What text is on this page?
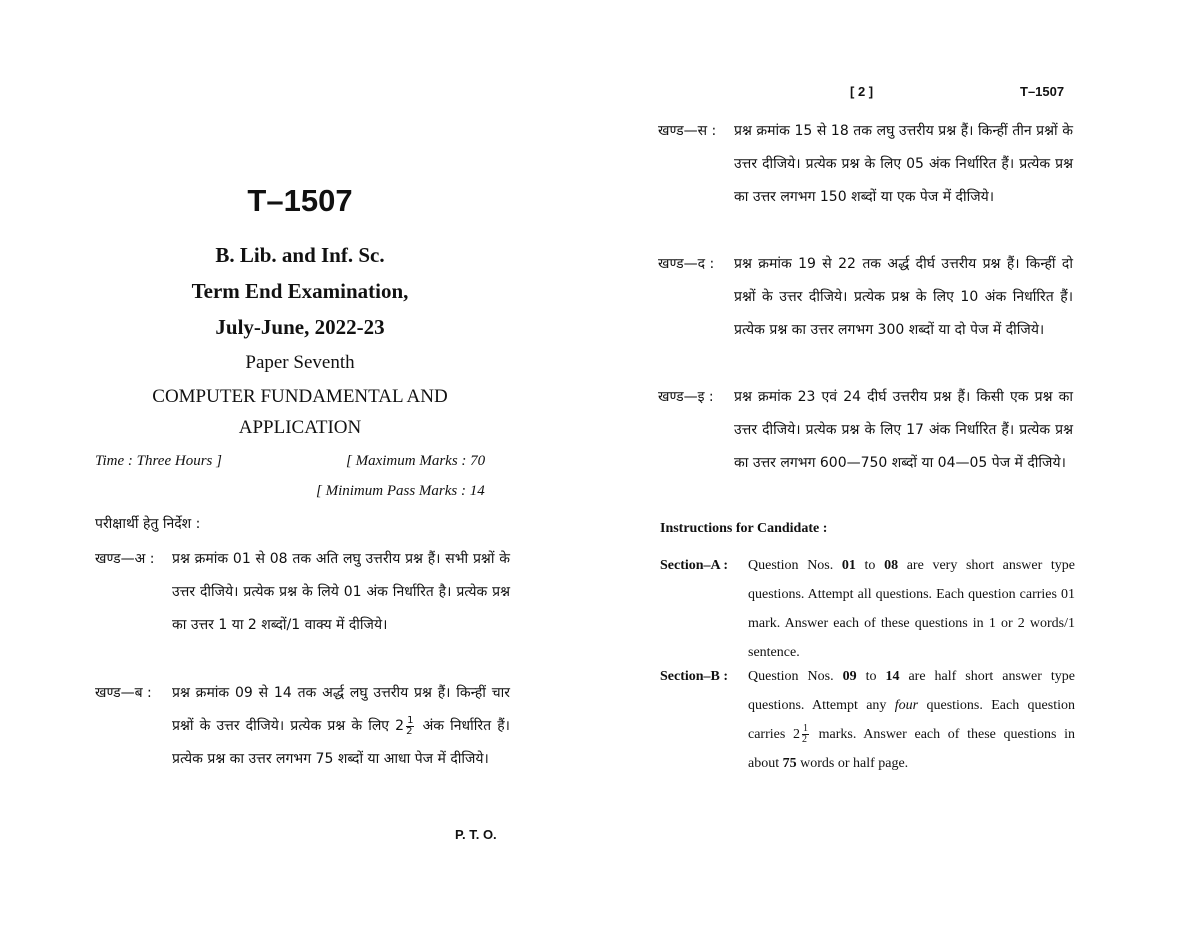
T–1507
B. Lib. and Inf. Sc.
Term End Examination,
July-June, 2022-23
Paper Seventh
COMPUTER FUNDAMENTAL AND
APPLICATION
Time : Three Hours ]	[ Maximum Marks : 70
[ Minimum Pass Marks : 14
परीक्षार्थी हेतु निर्देश :
खण्ड—अ : प्रश्न क्रमांक 01 से 08 तक अति लघु उत्तरीय प्रश्न हैं। सभी प्रश्नों के उत्तर दीजिये। प्रत्येक प्रश्न के लिये 01 अंक निर्धारित है। प्रत्येक प्रश्न का उत्तर 1 या 2 शब्दों/1 वाक्य में दीजिये।
खण्ड—ब : प्रश्न क्रमांक 09 से 14 तक अर्द्ध लघु उत्तरीय प्रश्न हैं। किन्हीं चार प्रश्नों के उत्तर दीजिये। प्रत्येक प्रश्न के लिए $2 \frac{1}{2}$ अंक निर्धारित हैं। प्रत्येक प्रश्न का उत्तर लगभग 75 शब्दों या आधा पेज में दीजिये।
P. T. O.
[ 2 ]	T–1507
खण्ड—स : प्रश्न क्रमांक 15 से 18 तक लघु उत्तरीय प्रश्न हैं। किन्हीं तीन प्रश्नों के उत्तर दीजिये। प्रत्येक प्रश्न के लिए 05 अंक निर्धारित हैं। प्रत्येक प्रश्न का उत्तर लगभग 150 शब्दों या एक पेज में दीजिये।
खण्ड—द : प्रश्न क्रमांक 19 से 22 तक अर्द्ध दीर्घ उत्तरीय प्रश्न हैं। किन्हीं दो प्रश्नों के उत्तर दीजिये। प्रत्येक प्रश्न के लिए 10 अंक निर्धारित हैं। प्रत्येक प्रश्न का उत्तर लगभग 300 शब्दों या दो पेज में दीजिये।
खण्ड—इ : प्रश्न क्रमांक 23 एवं 24 दीर्घ उत्तरीय प्रश्न हैं। किसी एक प्रश्न का उत्तर दीजिये। प्रत्येक प्रश्न के लिए 17 अंक निर्धारित हैं। प्रत्येक प्रश्न का उत्तर लगभग 600—750 शब्दों या 04—05 पेज में दीजिये।
Instructions for Candidate :
Section–A : Question Nos. 01 to 08 are very short answer type questions. Attempt all questions. Each question carries 01 mark. Answer each of these questions in 1 or 2 words/1 sentence.
Section–B : Question Nos. 09 to 14 are half short answer type questions. Attempt any four questions. Each question carries $2 \frac{1}{2}$ marks. Answer each of these questions in about 75 words or half page.
